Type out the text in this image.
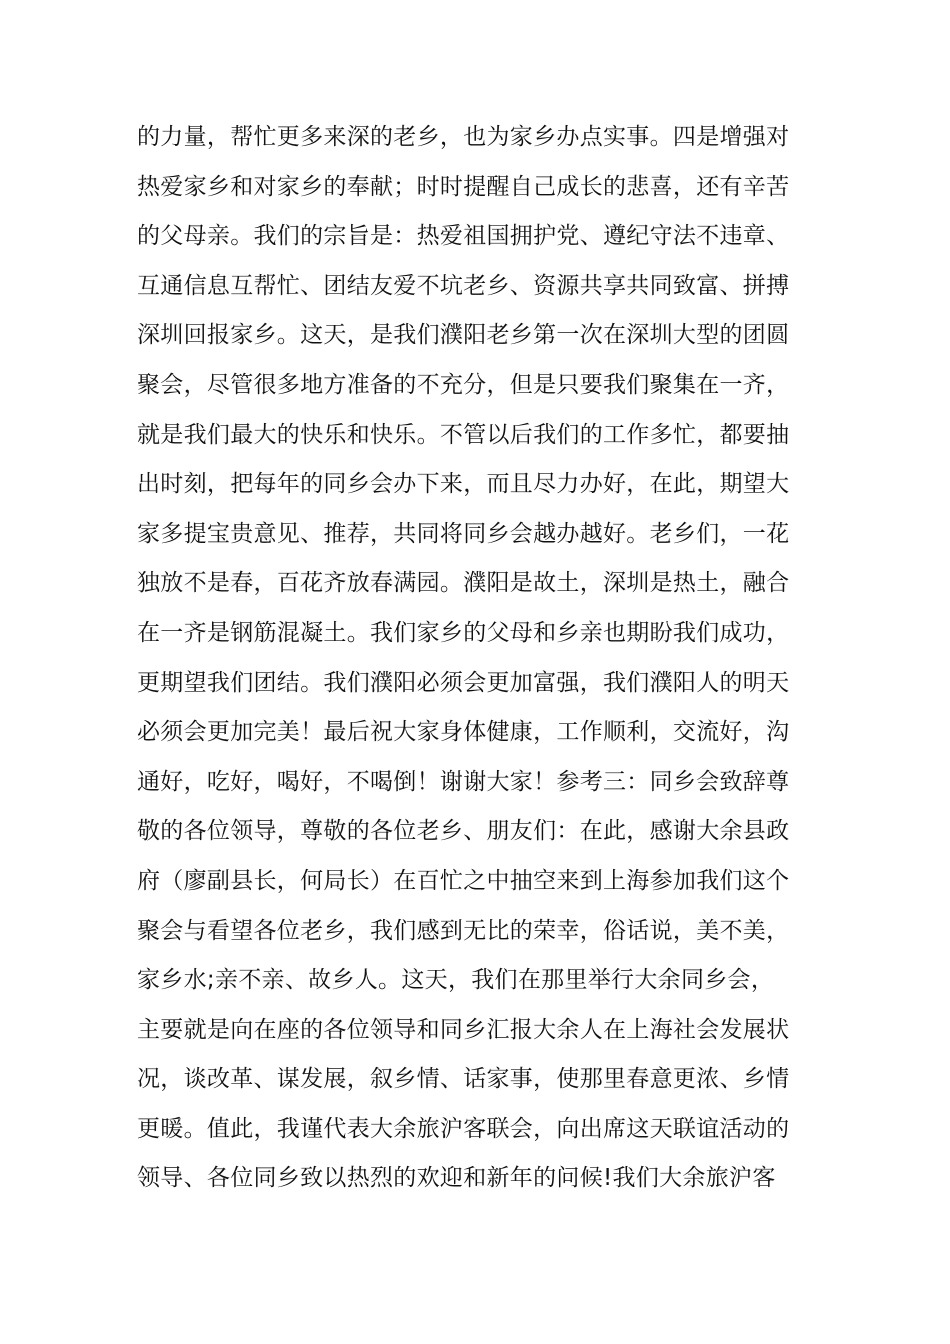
的力量，帮忙更多来深的老乡，也为家乡办点实事。四是增强对
热爱家乡和对家乡的奉献；时时提醒自己成长的悲喜，还有辛苦
的父母亲。我们的宗旨是：热爱祖国拥护党、遵纪守法不违章、
互通信息互帮忙、团结友爱不坑老乡、资源共享共同致富、拼搏
深圳回报家乡。这天，是我们濮阳老乡第一次在深圳大型的团圆
聚会，尽管很多地方准备的不充分，但是只要我们聚集在一齐，
就是我们最大的快乐和快乐。不管以后我们的工作多忙，都要抽
出时刻，把每年的同乡会办下来，而且尽力办好，在此，期望大
家多提宝贵意见、推荐，共同将同乡会越办越好。老乡们，一花
独放不是春，百花齐放春满园。濮阳是故土，深圳是热土，融合
在一齐是钢筋混凝土。我们家乡的父母和乡亲也期盼我们成功，
更期望我们团结。我们濮阳必须会更加富强，我们濮阳人的明天
必须会更加完美！最后祝大家身体健康，工作顺利，交流好，沟
通好，吃好，喝好，不喝倒！谢谢大家！参考三：同乡会致辞尊
敬的各位领导，尊敬的各位老乡、朋友们：在此，感谢大余县政
府（廖副县长，何局长）在百忙之中抽空来到上海参加我们这个
聚会与看望各位老乡，我们感到无比的荣幸，俗话说，美不美，
家乡水;亲不亲、故乡人。这天，我们在那里举行大余同乡会，
主要就是向在座的各位领导和同乡汇报大余人在上海社会发展状
况，谈改革、谋发展，叙乡情、话家事，使那里春意更浓、乡情
更暖。值此，我谨代表大余旅沪客联会，向出席这天联谊活动的
领导、各位同乡致以热烈的欢迎和新年的问候!我们大余旅沪客
